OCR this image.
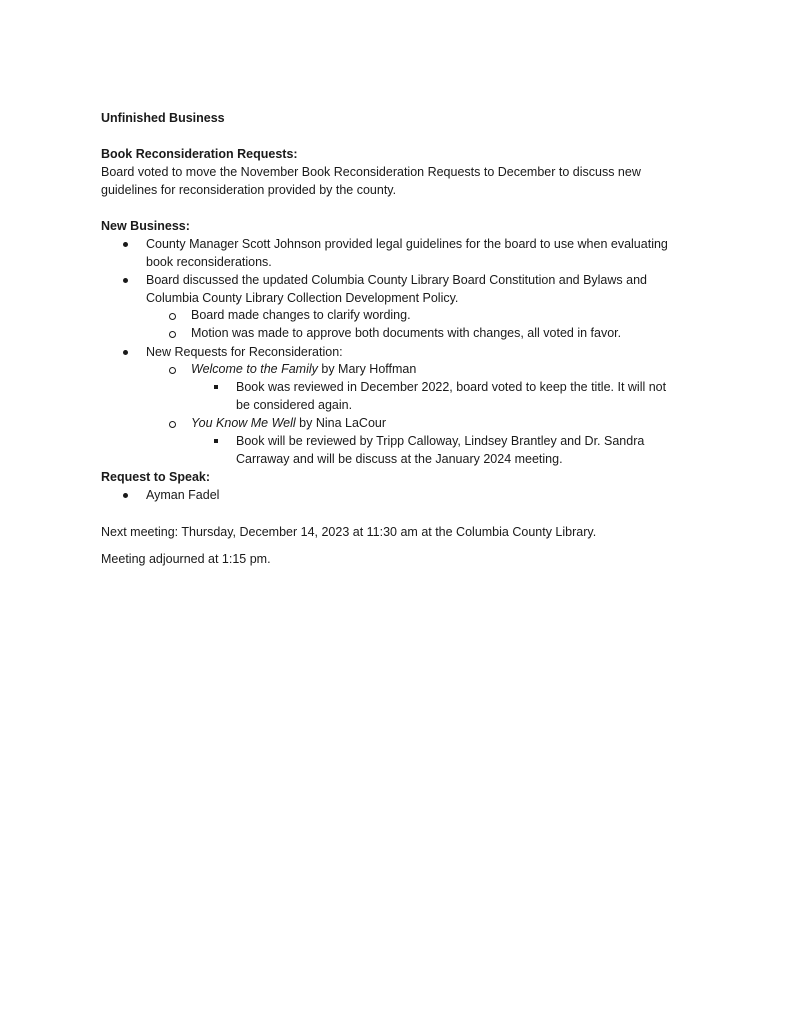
Unfinished Business

Book Reconsideration Requests:

Board voted to move the November Book Reconsideration Requests to December to discuss new

guidelines for reconsideration provided by the county.

New Business:

County Manager Scott Johnson provided legal guidelines for the board to use when evaluating

book reconsiderations.

Board discussed the updated Columbia County Library Board Constitution and Bylaws and

Columbia County Library Collection Development Policy.

Board made changes to clarify wording.

Motion was made to approve both documents with changes, all voted in favor.

New Requests for Reconsideration:

Welcome to the Family by Mary Hoffman

Book was reviewed in December 2022, board voted to keep the title. It will not

be considered again.

You Know Me Well by Nina LaCour

Book will be reviewed by Tripp Calloway, Lindsey Brantley and Dr. Sandra

Carraway and will be discuss at the January 2024 meeting.

Request to Speak:

Ayman Fadel

Next meeting: Thursday, December 14, 2023 at 11:30 am at the Columbia County Library.

Meeting adjourned at 1:15 pm.
